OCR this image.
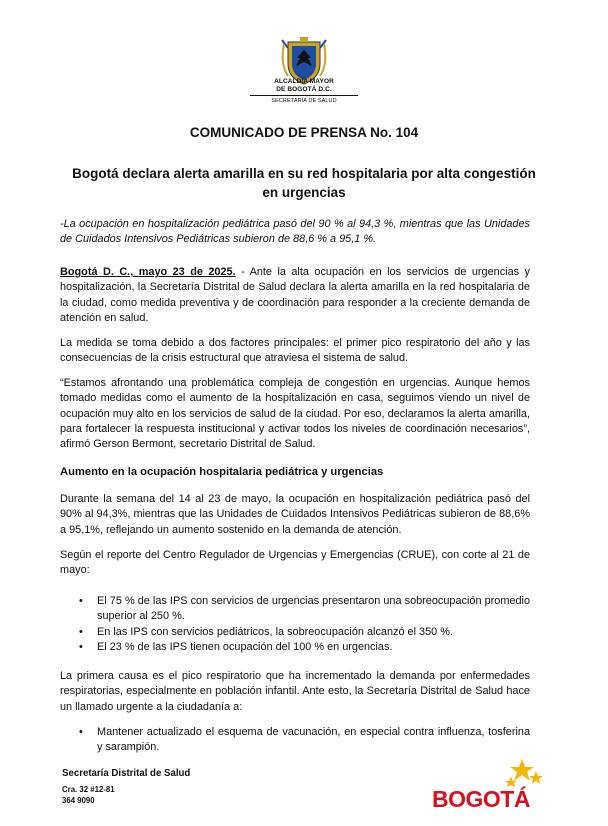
ALCALDÍA MAYOR
DE BOGOTÁ D.C.
SECRETARÍA DE SALUD
COMUNICADO DE PRENSA No. 104
Bogotá declara alerta amarilla en su red hospitalaria por alta congestión en urgencias
-La ocupación en hospitalización pediátrica pasó del 90 % al 94,3 %, mientras que las Unidades de Cuidados Intensivos Pediátricas subieron de 88,6 % a 95,1 %.
Bogotá D. C., mayo 23 de 2025. - Ante la alta ocupación en los servicios de urgencias y hospitalización, la Secretaría Distrital de Salud declara la alerta amarilla en la red hospitalaria de la ciudad, como medida preventiva y de coordinación para responder a la creciente demanda de atención en salud.
La medida se toma debido a dos factores principales: el primer pico respiratorio del año y las consecuencias de la crisis estructural que atraviesa el sistema de salud.
“Estamos afrontando una problemática compleja de congestión en urgencias. Aunque hemos tomado medidas como el aumento de la hospitalización en casa, seguimos viendo un nivel de ocupación muy alto en los servicios de salud de la ciudad. Por eso, declaramos la alerta amarilla, para fortalecer la respuesta institucional y activar todos los niveles de coordinación necesarios”, afirmó Gerson Bermont, secretario Distrital de Salud.
Aumento en la ocupación hospitalaria pediátrica y urgencias
Durante la semana del 14 al 23 de mayo, la ocupación en hospitalización pediátrica pasó del 90% al 94,3%, mientras que las Unidades de Cuidados Intensivos Pediátricas subieron de 88,6% a 95,1%, reflejando un aumento sostenido en la demanda de atención.
Según el reporte del Centro Regulador de Urgencias y Emergencias (CRUE), con corte al 21 de mayo:
• El 75 % de las IPS con servicios de urgencias presentaron una sobreocupación promedio superior al 250 %.
• En las IPS con servicios pediátricos, la sobreocupación alcanzó el 350 %.
• El 23 % de las IPS tienen ocupación del 100 % en urgencias.
La primera causa es el pico respiratorio que ha incrementado la demanda por enfermedades respiratorias, especialmente en población infantil. Ante esto, la Secretaría Distrital de Salud hace un llamado urgente a la ciudadanía a:
• Mantener actualizado el esquema de vacunación, en especial contra influenza, tosferina y sarampión.
Secretaría Distrital de Salud
Cra. 32 #12-81
364 9090	BOGOTÁ
